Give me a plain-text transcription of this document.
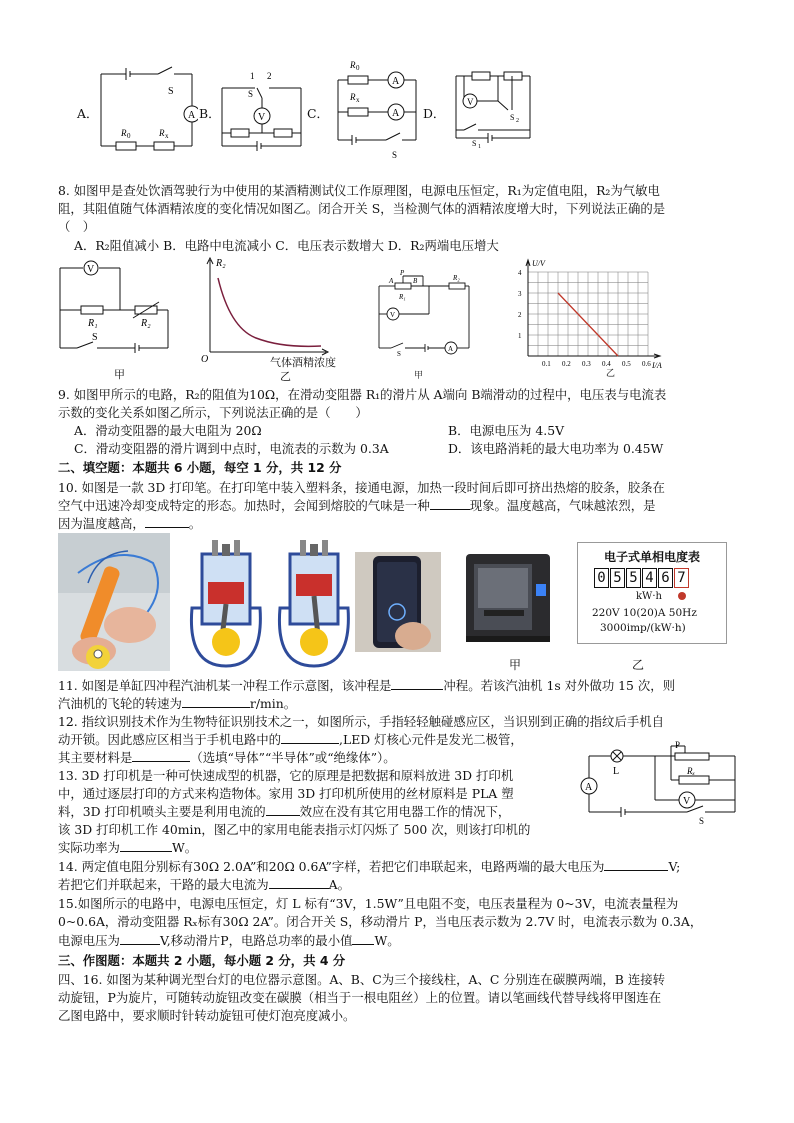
A．	B．	C．	D．
S
A
R 0	R x
1 2
S
V
R 0
A
R x
A
S
V
S 2
S 1
8. 如图甲是查处饮酒驾驶行为中使用的某酒精测试仪工作原理图，电源电压恒定，R₁为定值电阻，R₂为气敏电
阻，其阻值随气体酒精浓度的变化情况如图乙。闭合开关 S，当检测气体的酒精浓度增大时，下列说法正确的是
（　）
A．R₂阻值减小 B．电路中电流减小 C．电压表示数增大 D．R₂两端电压增大
V
R₁	R₂
S
甲
R₂
O	气体酒精浓度
乙
A
P
B
R₁
R₂
V
S
A
甲
0.1 0.2 0.3 0.4 0.5 0.6
4
3
2
1
U/V
I/A
乙
9. 如图甲所示的电路，R₂的阻值为10Ω，在滑动变阻器 R₁的滑片从 A端向 B端滑动的过程中，电压表与电流表
示数的变化关系如图乙所示，下列说法正确的是（　　）
A．滑动变阻器的最大电阻为 20Ω	B．电源电压为 4.5V
C．滑动变阻器的滑片调到中点时，电流表的示数为 0.3A	D．该电路消耗的最大电功率为 0.45W
二、填空题：本题共 6 小题，每空 1 分，共 12 分
10. 如图是一款 3D 打印笔。在打印笔中装入塑料条，接通电源，加热一段时间后即可挤出热熔的胶条，胶条在
空气中迅速冷却变成特定的形态。加热时，会闻到熔胶的气味是一种	现象。温度越高，气味越浓烈，是
因为温度越高，	。
甲
电子式单相电度表
0 5 5 4 6 7
kW·h
220V 10(20)A 50Hz
3000imp/(kW·h)
乙
11. 如图是单缸四冲程汽油机某一冲程工作示意图，该冲程是	冲程。若该汽油机 1s 对外做功 15 次，则
汽油机的飞轮的转速为	r/min。
12. 指纹识别技术作为生物特征识别技术之一，如图所示，手指轻轻触碰感应区，当识别到正确的指纹后手机自
动开锁。因此感应区相当于手机电路中的	,LED 灯核心元件是发光二极管，
其主要材料是	（选填“导体”“半导体”或“绝缘体”）。
13. 3D 打印机是一种可快速成型的机器，它的原理是把数据和原料放进 3D 打印机
中，通过逐层打印的方式来构造物体。家用 3D 打印机所使用的丝材原料是 PLA 塑
料，3D 打印机喷头主要是利用电流的	效应在没有其它用电器工作的情况下，
该 3D 打印机工作 40min，图乙中的家用电能表指示灯闪烁了 500 次，则该打印机的
实际功率为	W。
L
P
Rₓ
A
V
S
14. 两定值电阻分别标有30Ω 2.0A”和20Ω 0.6A”字样，若把它们串联起来，电路两端的最大电压为	V;
若把它们并联起来，干路的最大电流为	A。
15.如图所示的电路中，电源电压恒定，灯 L 标有“3V，1.5W”且电阻不变，电压表量程为 0~3V，电流表量程为
0~0.6A，滑动变阻器 Rₓ标有30Ω 2A”。闭合开关 S，移动滑片 P，当电压表示数为 2.7V 时，电流表示数为 0.3A，
电源电压为	V,移动滑片P，电路总功率的最小值 W。
三、作图题：本题共 2 小题，每小题 2 分，共 4 分
四、16. 如图为某种调光型台灯的电位器示意图。A、B、C为三个接线柱，A、C 分别连在碳膜两端，B 连接转
动旋钮，P为旋片，可随转动旋钮改变在碳膜（相当于一根电阻丝）上的位置。请以笔画线代替导线将甲图连在
乙图电路中，要求顺时针转动旋钮可使灯泡亮度减小。
